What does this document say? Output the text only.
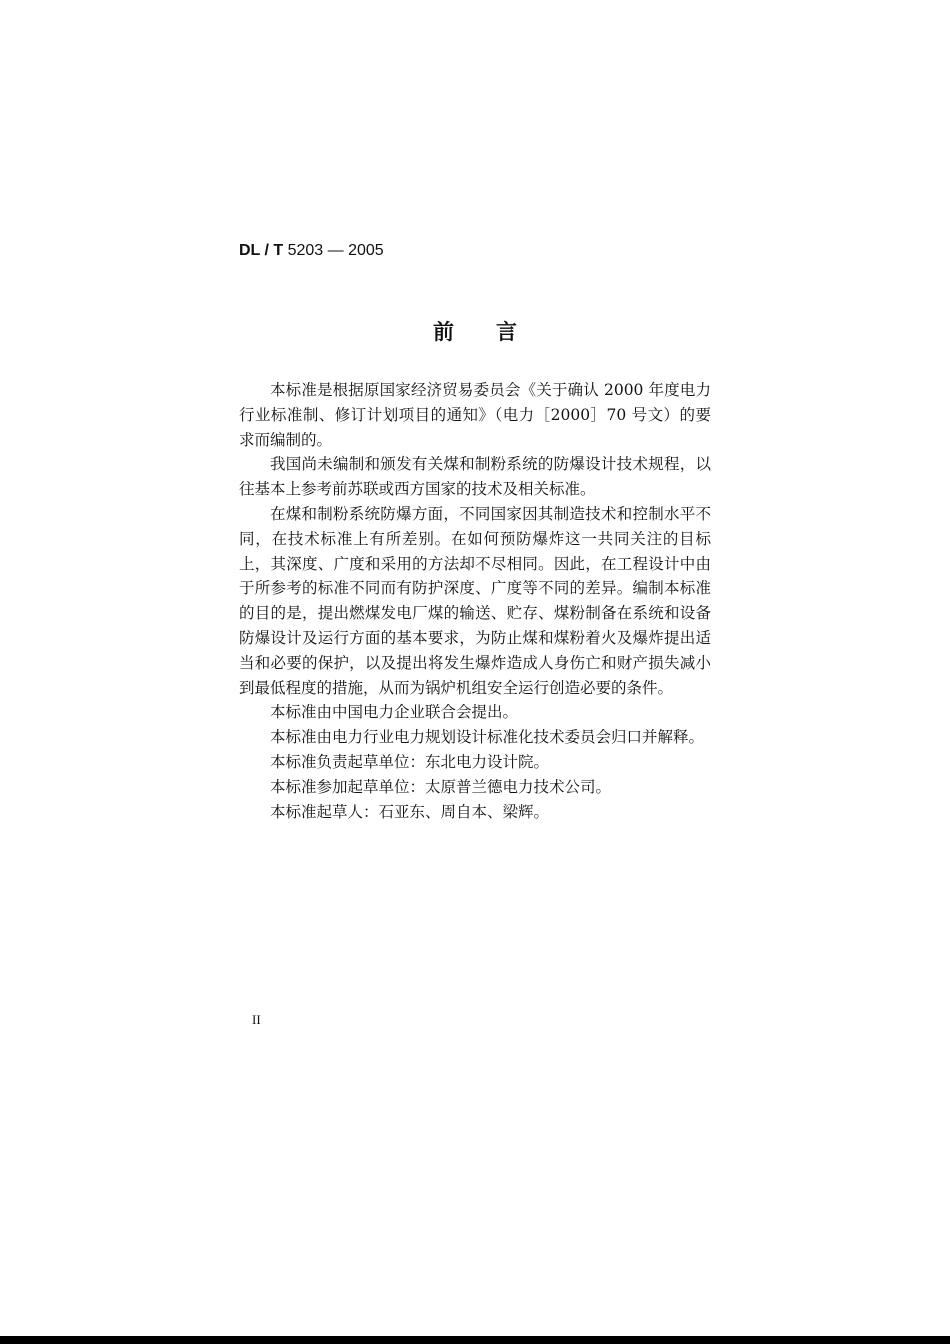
DL / T 5203 — 2005
前言

本标准是根据原国家经济贸易委员会《关于确认 2000 年度电力行业标准制、修订计划项目的通知》（电力［2000］70 号文）的要求而编制的。

我国尚未编制和颁发有关煤和制粉系统的防爆设计技术规程，以往基本上参考前苏联或西方国家的技术及相关标准。

在煤和制粉系统防爆方面，不同国家因其制造技术和控制水平不同，在技术标准上有所差别。在如何预防爆炸这一共同关注的目标上，其深度、广度和采用的方法却不尽相同。因此，在工程设计中由于所参考的标准不同而有防护深度、广度等不同的差异。编制本标准的目的是，提出燃煤发电厂煤的输送、贮存、煤粉制备在系统和设备防爆设计及运行方面的基本要求，为防止煤和煤粉着火及爆炸提出适当和必要的保护，以及提出将发生爆炸造成人身伤亡和财产损失减小到最低程度的措施，从而为锅炉机组安全运行创造必要的条件。

本标准由中国电力企业联合会提出。

本标准由电力行业电力规划设计标准化技术委员会归口并解释。

本标准负责起草单位：东北电力设计院。

本标准参加起草单位：太原普兰德电力技术公司。

本标准起草人：石亚东、周自本、梁辉。

II
